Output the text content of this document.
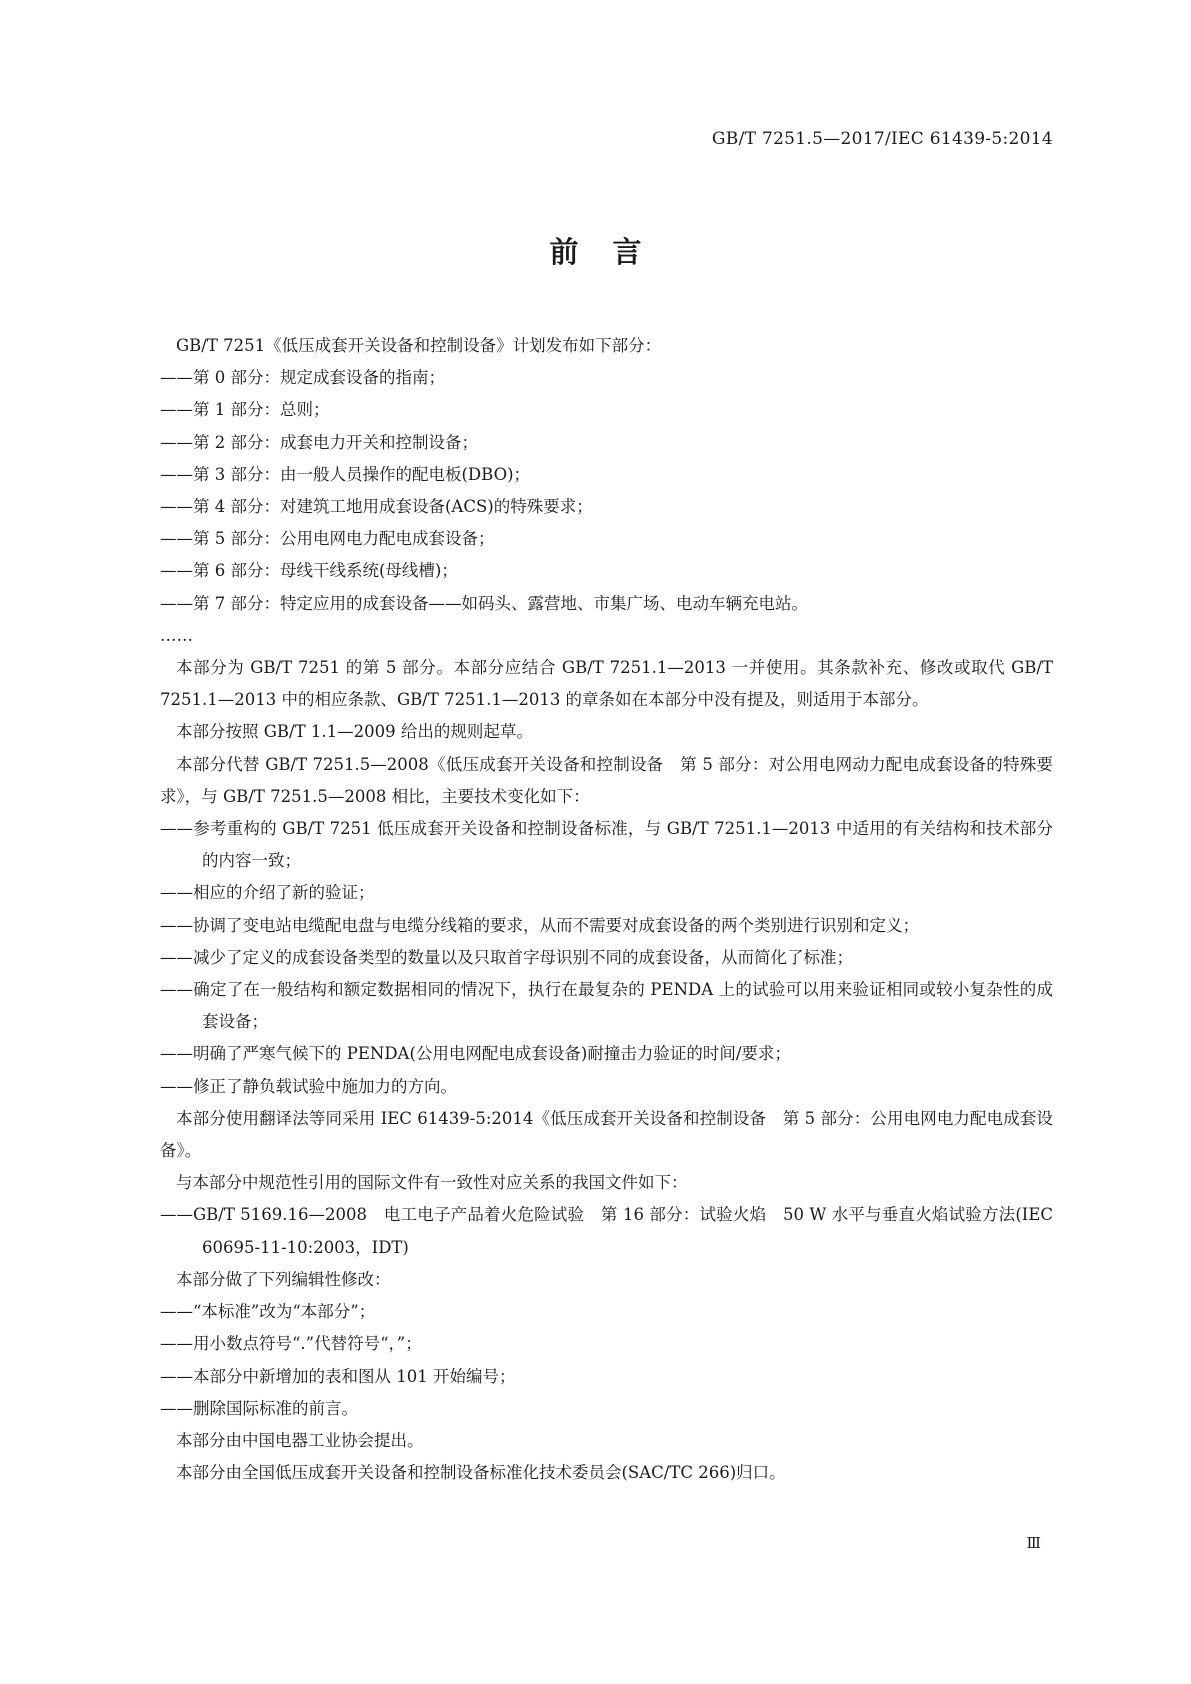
GB/T 7251.5—2017/IEC 61439-5:2014

前言

GB/T 7251《低压成套开关设备和控制设备》计划发布如下部分：

——第 0 部分：规定成套设备的指南；

——第 1 部分：总则；

——第 2 部分：成套电力开关和控制设备；

——第 3 部分：由一般人员操作的配电板(DBO)；

——第 4 部分：对建筑工地用成套设备(ACS)的特殊要求；

——第 5 部分：公用电网电力配电成套设备；

——第 6 部分：母线干线系统(母线槽)；

——第 7 部分：特定应用的成套设备——如码头、露营地、市集广场、电动车辆充电站。

……

本部分为 GB/T 7251 的第 5 部分。本部分应结合 GB/T 7251.1—2013 一并使用。其条款补充、修改或取代 GB/T 7251.1—2013 中的相应条款、GB/T 7251.1—2013 的章条如在本部分中没有提及，则适用于本部分。

本部分按照 GB/T 1.1—2009 给出的规则起草。

本部分代替 GB/T 7251.5—2008《低压成套开关设备和控制设备　第 5 部分：对公用电网动力配电成套设备的特殊要求》，与 GB/T 7251.5—2008 相比，主要技术变化如下：

——参考重构的 GB/T 7251 低压成套开关设备和控制设备标准，与 GB/T 7251.1—2013 中适用的有关结构和技术部分的内容一致；

——相应的介绍了新的验证；

——协调了变电站电缆配电盘与电缆分线箱的要求，从而不需要对成套设备的两个类别进行识别和定义；

——减少了定义的成套设备类型的数量以及只取首字母识别不同的成套设备，从而简化了标准；

——确定了在一般结构和额定数据相同的情况下，执行在最复杂的 PENDA 上的试验可以用来验证相同或较小复杂性的成套设备；

——明确了严寒气候下的 PENDA(公用电网配电成套设备)耐撞击力验证的时间/要求；

——修正了静负载试验中施加力的方向。

本部分使用翻译法等同采用 IEC 61439-5:2014《低压成套开关设备和控制设备　第 5 部分：公用电网电力配电成套设备》。

与本部分中规范性引用的国际文件有一致性对应关系的我国文件如下：

——GB/T 5169.16—2008　电工电子产品着火危险试验　第 16 部分：试验火焰　50 W 水平与垂直火焰试验方法(IEC 60695-11-10:2003，IDT)

本部分做了下列编辑性修改：

——“本标准”改为“本部分”；

——用小数点符号“.”代替符号“，”；

——本部分中新增加的表和图从 101 开始编号；

——删除国际标准的前言。

本部分由中国电器工业协会提出。

本部分由全国低压成套开关设备和控制设备标准化技术委员会(SAC/TC 266)归口。

Ⅲ
